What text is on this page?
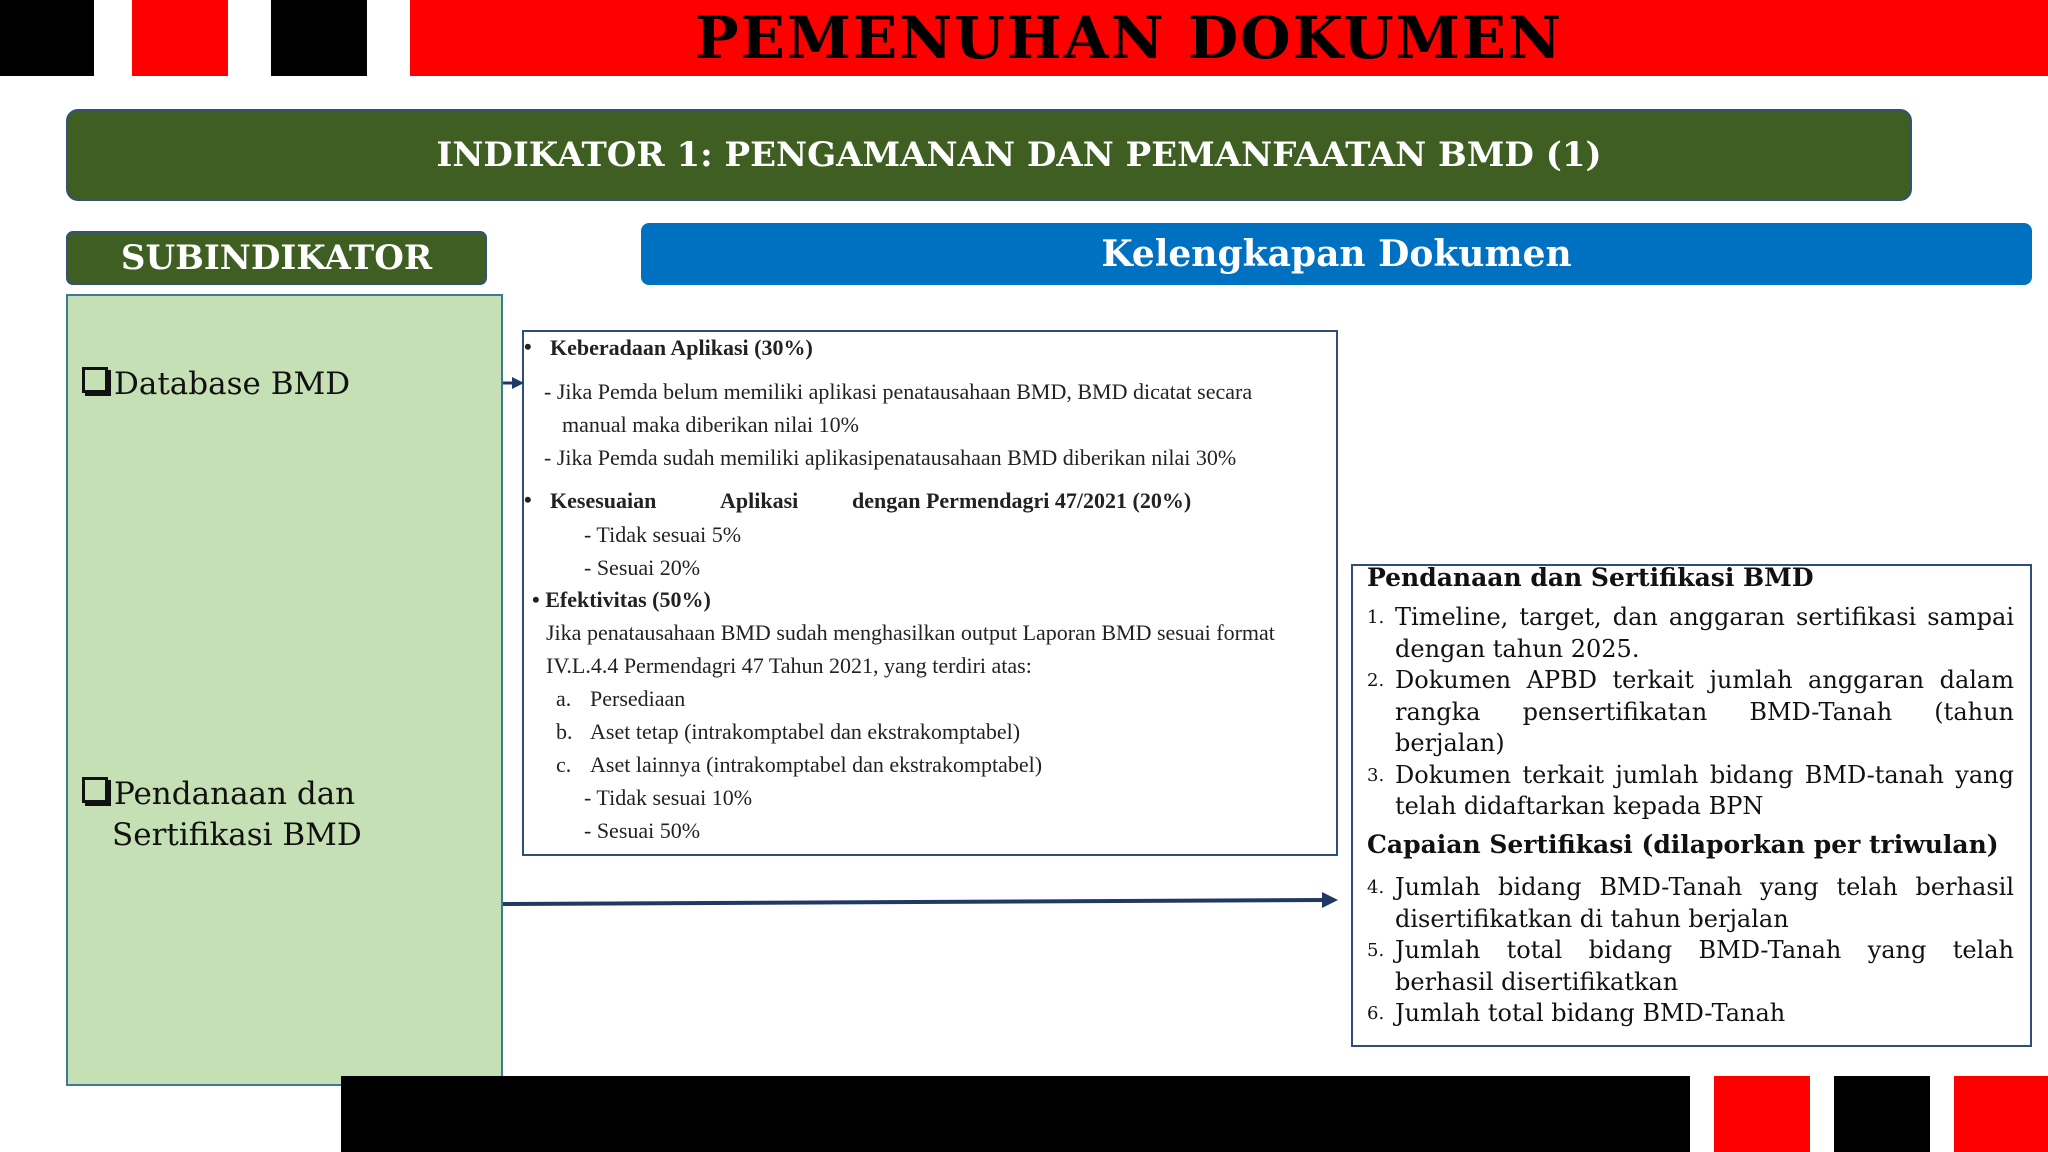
PEMENUHAN DOKUMEN
INDIKATOR 1: PENGAMANAN DAN PEMANFAATAN BMD (1)
SUBINDIKATOR	Kelengkapan Dokumen
Database BMD
Pendanaan dan
Sertifikasi BMD
• Keberadaan Aplikasi (30%)
- Jika Pemda belum memiliki aplikasi penatausahaan BMD, BMD dicatat secara
manual maka diberikan nilai 10%
- Jika Pemda sudah memiliki aplikasipenatausahaan BMD diberikan nilai 30%
• Kesesuaian	Aplikasi dengan Permendagri 47/2021 (20%)
- Tidak sesuai 5%
- Sesuai 20%
• Efektivitas (50%)
Jika penatausahaan BMD sudah menghasilkan output Laporan BMD sesuai format
IV.L.4.4 Permendagri 47 Tahun 2021, yang terdiri atas:
a. Persediaan
b. Aset tetap (intrakomptabel dan ekstrakomptabel)
c. Aset lainnya (intrakomptabel dan ekstrakomptabel)
- Tidak sesuai 10%
- Sesuai 50%
Pendanaan dan Sertifikasi BMD
1. Timeline, target, dan anggaran sertifikasi sampai dengan tahun 2025.
2. Dokumen APBD terkait jumlah anggaran dalam rangka pensertifikatan BMD-Tanah (tahun berjalan)
3. Dokumen terkait jumlah bidang BMD-tanah yang telah didaftarkan kepada BPN
Capaian Sertifikasi (dilaporkan per triwulan)
4. Jumlah bidang BMD-Tanah yang telah berhasil disertifikatkan di tahun berjalan
5. Jumlah total bidang BMD-Tanah yang telah berhasil disertifikatkan
6. Jumlah total bidang BMD-Tanah
